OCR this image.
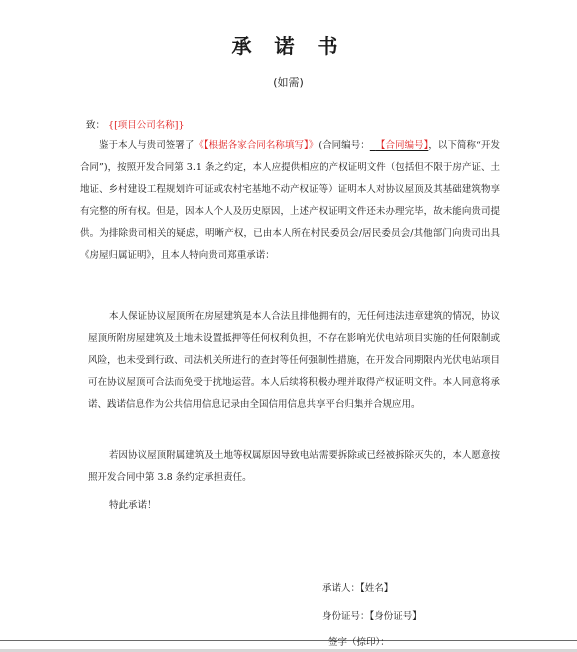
承 诺 书
(如需)
致： {[项目公司名称]}

鉴于本人与贵司签署了《【根据各家合同名称填写】》(合同编号： 【合同编号】，以下简称“开发合同”)，按照开发合同第 3.1 条之约定，本人应提供相应的产权证明文件（包括但不限于房产证、土地证、乡村建设工程规划许可证或农村宅基地不动产权证等）证明本人对协议屋顶及其基础建筑物享有完整的所有权。但是，因本人个人及历史原因，上述产权证明文件还未办理完毕，故未能向贵司提供。为排除贵司相关的疑虑，明晰产权，已由本人所在村民委员会/居民委员会/其他部门向贵司出具《房屋归属证明》，且本人特向贵司郑重承诺：

本人保证协议屋顶所在房屋建筑是本人合法且排他拥有的，无任何违法违章建筑的情况，协议屋顶所附房屋建筑及土地未设置抵押等任何权利负担，不存在影响光伏电站项目实施的任何限制或风险，也未受到行政、司法机关所进行的查封等任何强制性措施，在开发合同期限内光伏电站项目可在协议屋顶可合法而免受于扰地运营。本人后续将积极办理并取得产权证明文件。本人同意将承诺、践诺信息作为公共信用信息记录由全国信用信息共享平台归集并合规应用。

若因协议屋顶附属建筑及土地等权属原因导致电站需要拆除或已经被拆除灭失的，本人愿意按照开发合同中第 3.8 条约定承担责任。

特此承诺！

承诺人：【姓名】
身份证号：【身份证号】
签字（捺印）：
